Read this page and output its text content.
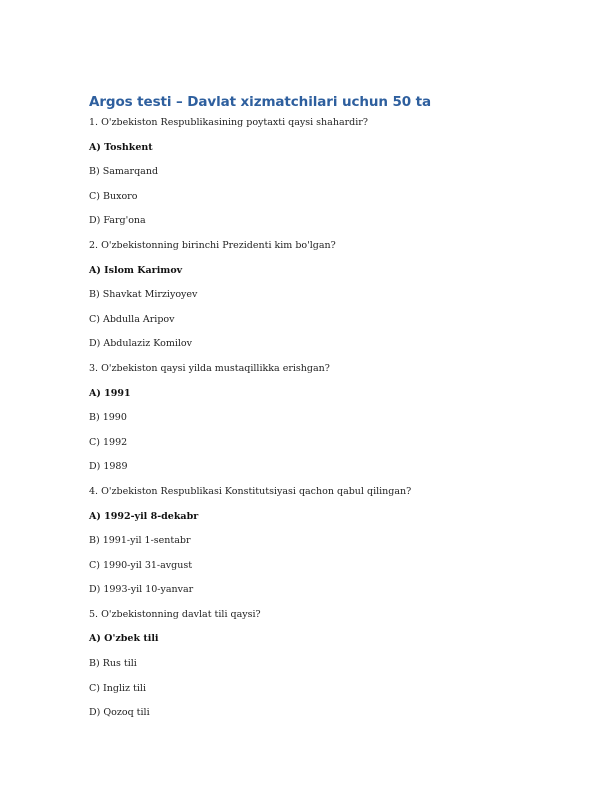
Argos testi – Davlat xizmatchilari uchun 50 ta
1. O'zbekiston Respublikasining poytaxti qaysi shahardir?
A) Toshkent
B) Samarqand
C) Buxoro
D) Farg'ona
2. O'zbekistonning birinchi Prezidenti kim bo'lgan?
A) Islom Karimov
B) Shavkat Mirziyoyev
C) Abdulla Aripov
D) Abdulaziz Komilov
3. O'zbekiston qaysi yilda mustaqillikka erishgan?
A) 1991
B) 1990
C) 1992
D) 1989
4. O'zbekiston Respublikasi Konstitutsiyasi qachon qabul qilingan?
A) 1992-yil 8-dekabr
B) 1991-yil 1-sentabr
C) 1990-yil 31-avgust
D) 1993-yil 10-yanvar
5. O'zbekistonning davlat tili qaysi?
A) O'zbek tili
B) Rus tili
C) Ingliz tili
D) Qozoq tili
